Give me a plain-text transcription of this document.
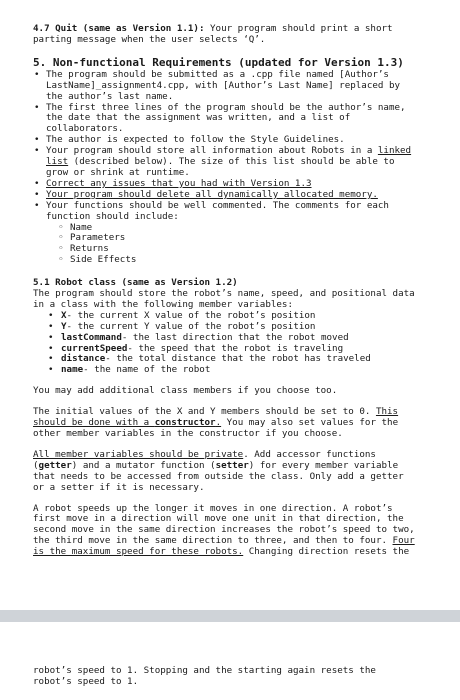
4.7 Quit (same as Version 1.1): Your program should print a short

parting message when the user selects ‘Q’.

5. Non-functional Requirements (updated for Version 1.3)

• The program should be submitted as a .cpp file named [Author’s

LastName]_assignment4.cpp, with [Author’s Last Name] replaced by

the author’s last name.

• The first three lines of the program should be the author’s name,

the date that the assignment was written, and a list of

collaborators.

• The author is expected to follow the Style Guidelines.

• Your program should store all information about Robots in a linked

list (described below). The size of this list should be able to

grow or shrink at runtime.

• Correct any issues that you had with Version 1.3

• Your program should delete all dynamically allocated memory.

• Your functions should be well commented. The comments for each

function should include:

◦ Name
◦ Parameters
◦ Returns
◦ Side Effects
5.1 Robot class (same as Version 1.2)

The program should store the robot’s name, speed, and positional data

in a class with the following member variables:

• X- the current X value of the robot’s position
• Y- the current Y value of the robot’s position
• lastCommand- the last direction that the robot moved
• currentSpeed- the speed that the robot is traveling
• distance- the total distance that the robot has traveled
• name- the name of the robot

You may add additional class members if you choose too.

The initial values of the X and Y members should be set to 0. This

should be done with a constructor. You may also set values for the

other member variables in the constructor if you choose.

All member variables should be private. Add accessor functions

(getter) and a mutator function (setter) for every member variable

that needs to be accessed from outside the class. Only add a getter

or a setter if it is necessary.

A robot speeds up the longer it moves in one direction. A robot’s

first move in a direction will move one unit in that direction, the

second move in the same direction increases the robot’s speed to two,

the third move in the same direction to three, and then to four. Four

is the maximum speed for these robots. Changing direction resets the

robot’s speed to 1. Stopping and the starting again resets the

robot’s speed to 1.
